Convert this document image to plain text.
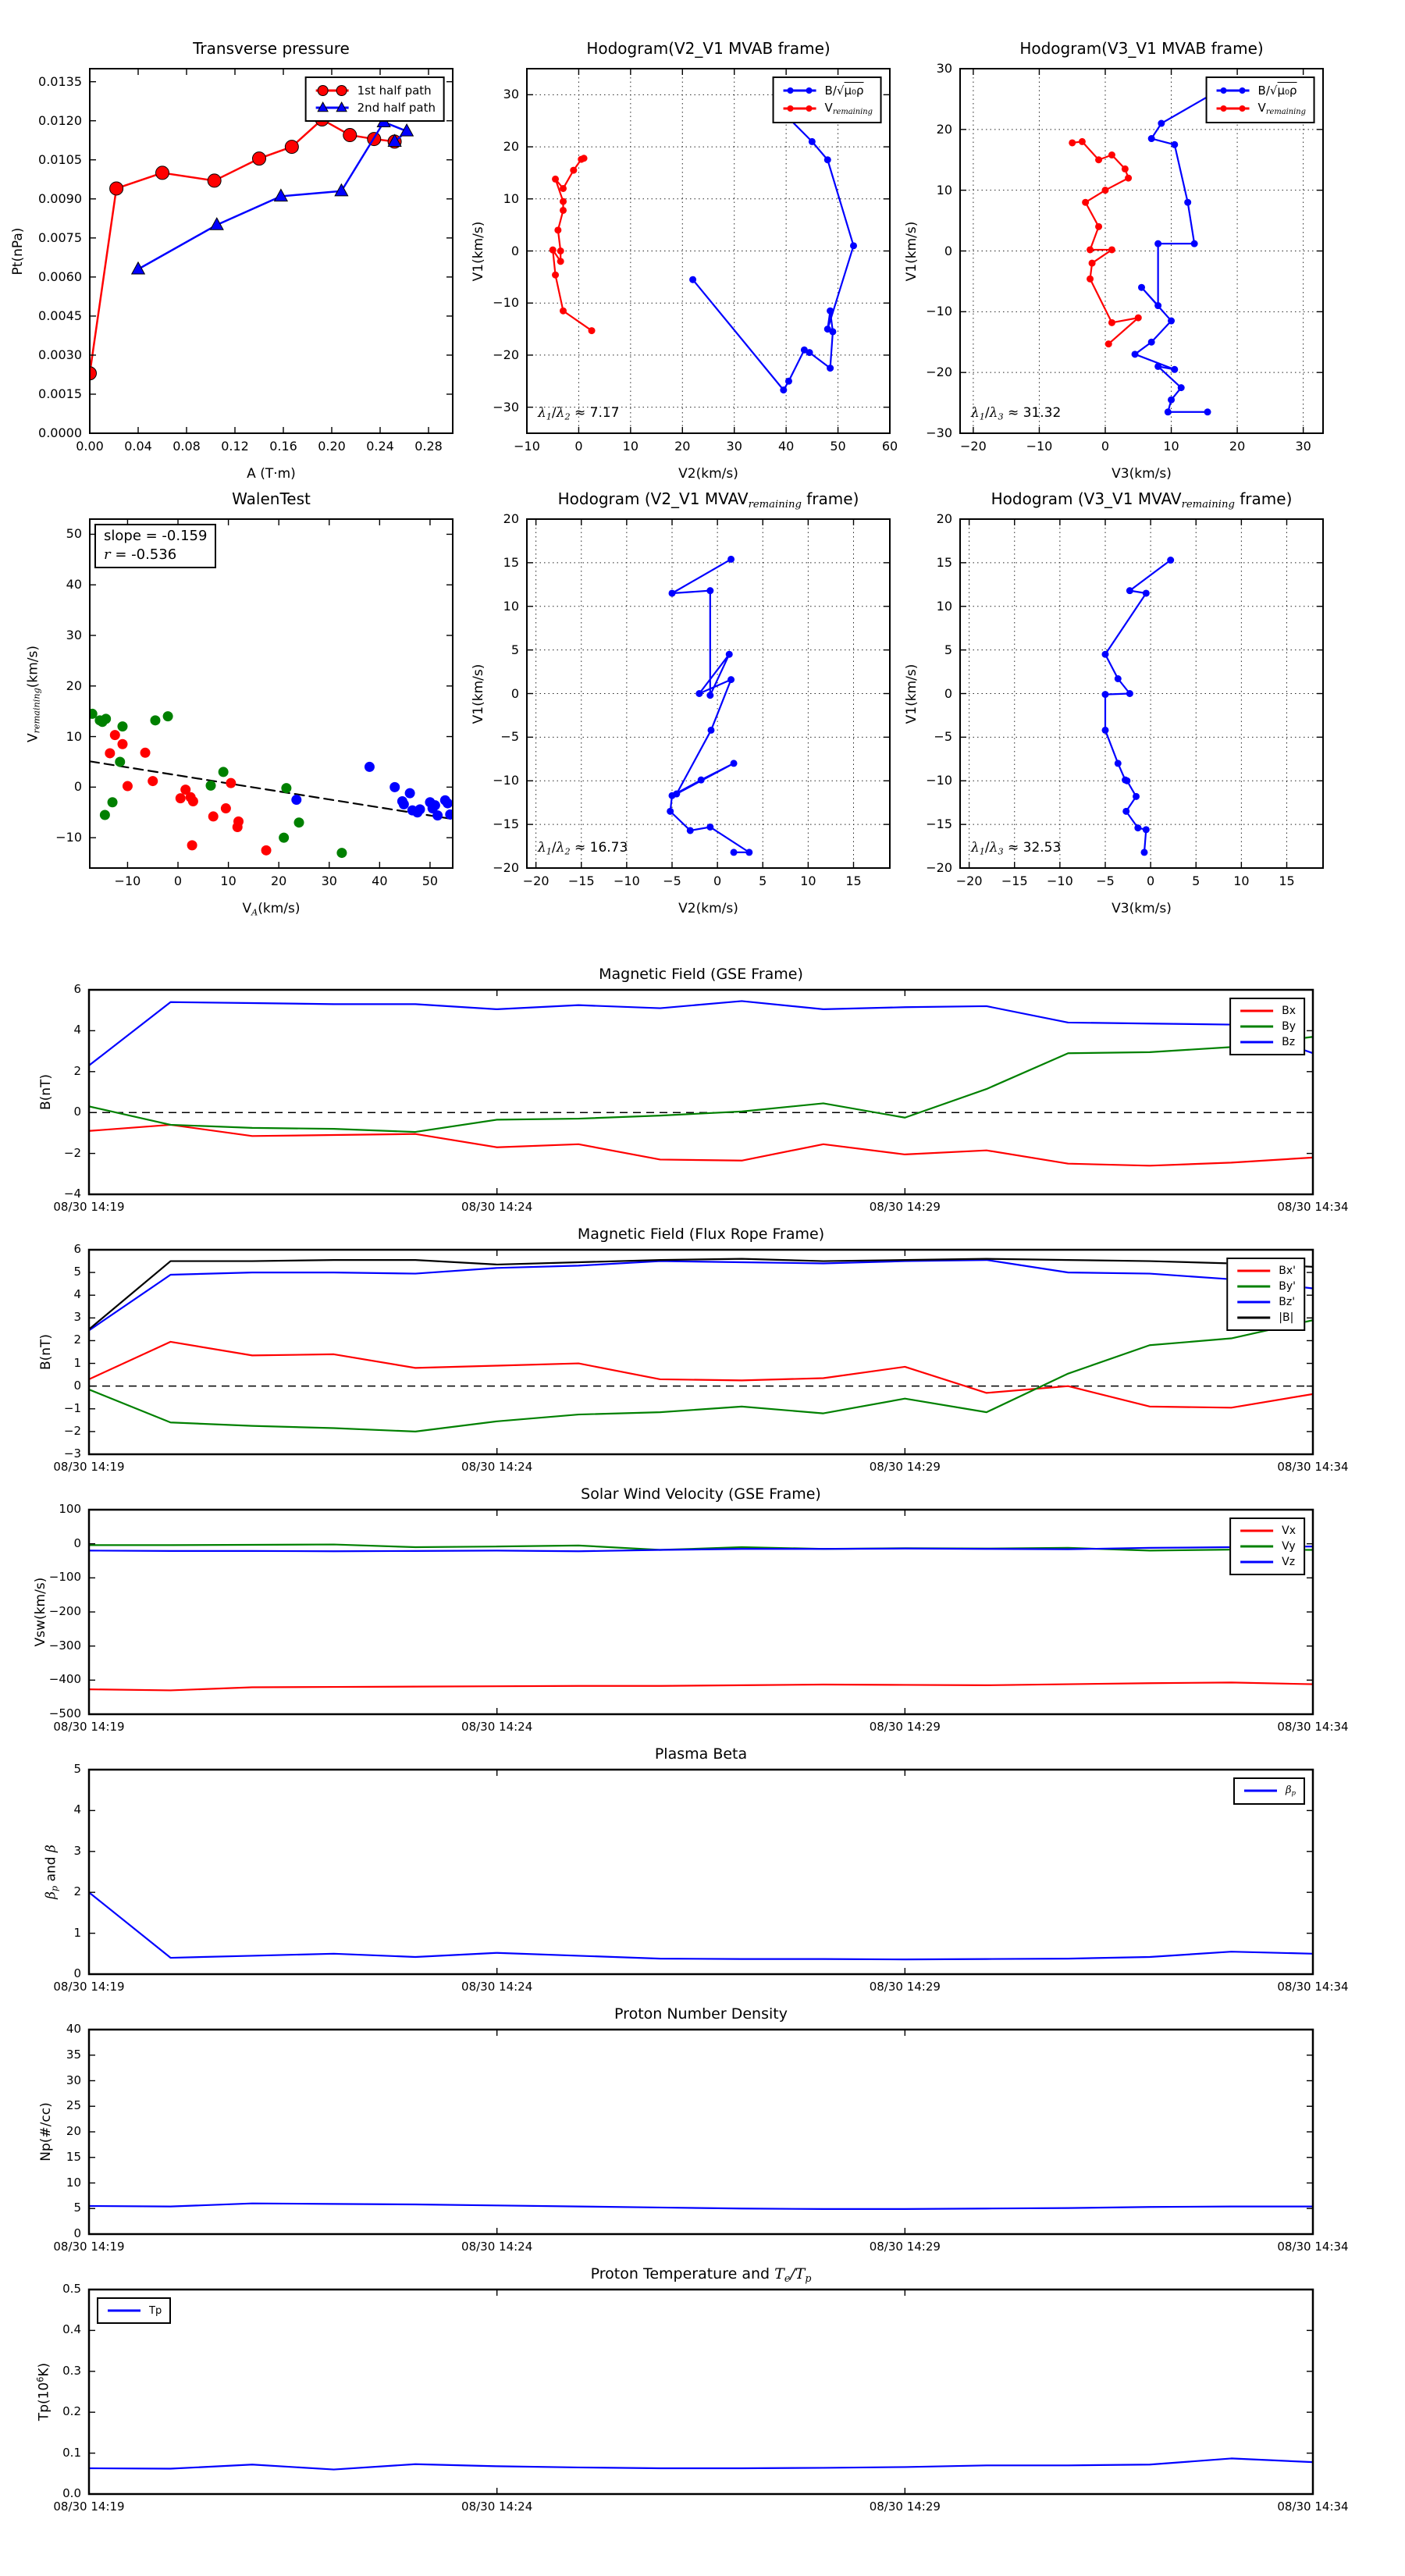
Transverse pressure
0.00	0.04	0.08	0.12	0.16	0.20	0.24	0.28
0.0000
0.0015
0.0030
0.0045
0.0060
0.0075
0.0090
0.0105
0.0120
0.0135
A (T·m)
Pt(nPa)
1st half path
2nd half path
Hodogram(V2_V1 MVAB frame)
−10	0	10	20	30	40	50	60
−30
−20
−10
0
10
20
30
V2(km/s)
V1(km/s)
B/√μ₀ρ
$V_{remaining}$
$\lambda_1/\lambda_2 \approx 7.17$
Hodogram(V3_V1 MVAB frame)
−20	−10	0	10	20	30
−30
−20
−10
0
10
20
30
V3(km/s)
V1(km/s)
B/√μ₀ρ
$V_{remaining}$
$\lambda_1/\lambda_3 \approx 31.32$
WalenTest
−10	0	10	20	30	40	50
−10
0
10
20
30
40
50
$V_A(km/s)$
$V_{remaining}(km/s)$
slope = -0.159
r = -0.536
Hodogram (V2_V1 $MVAV_{remaining}$ frame)
−20	−15	−10	−5	0	5	10	15
−20
−15
−10
−5
0
5
10
15
20
V2(km/s)
V1(km/s)
$\lambda_1/\lambda_2 \approx 16.73$
Hodogram (V3_V1 $MVAV_{remaining}$ frame)
−20	−15	−10	−5	0	5	10	15
−20
−15
−10
−5
0
5
10
15
20
V3(km/s)
V1(km/s)
$\lambda_1/\lambda_3 \approx 32.53$
Magnetic Field (GSE Frame)
08/30 14:19	08/30 14:24	08/30 14:29	08/30 14:34
−4
−2
0
2
4
6
B(nT)
Bx
By
Bz
Magnetic Field (Flux Rope Frame)
08/30 14:19	08/30 14:24	08/30 14:29	08/30 14:34
−3
−2
−1
0
1
2
3
4
5
6
B(nT)
Bx'
By'
Bz'
|B|
Solar Wind Velocity (GSE Frame)
08/30 14:19	08/30 14:24	08/30 14:29	08/30 14:34
−500
−400
−300
−200
−100
0
100
Vsw(km/s)
Vx
Vy
Vz
Plasma Beta
08/30 14:19	08/30 14:24	08/30 14:29	08/30 14:34
0
1
2
3
4
5
$\beta_p$ and β
$\beta_p$
Proton Number Density
08/30 14:19	08/30 14:24	08/30 14:29	08/30 14:34
0
5
10
15
20
25
30
35
40
Np(#/cc)
Proton Temperature and $T_e/T_p$
08/30 14:19	08/30 14:24	08/30 14:29	08/30 14:34
0.0
0.1
0.2
0.3
0.4
0.5
$Tp(10^6K)$
Tp
